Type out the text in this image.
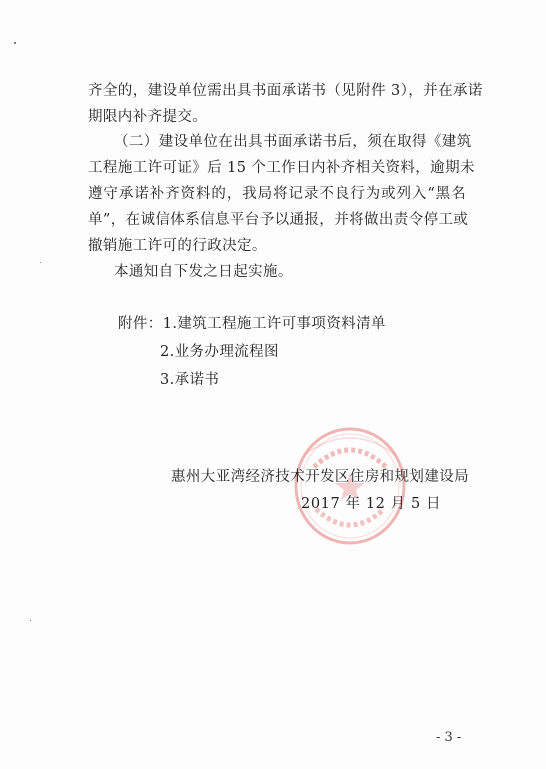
齐全的，建设单位需出具书面承诺书（见附件 3），并在承诺
期限内补齐提交。
（二）建设单位在出具书面承诺书后，须在取得《建筑
工程施工许可证》后 15 个工作日内补齐相关资料，逾期未
遵守承诺补齐资料的，我局将记录不良行为或列入“黑名
单”，在诚信体系信息平台予以通报，并将做出责令停工或
撤销施工许可的行政决定。
本通知自下发之日起实施。
附件：1.建筑工程施工许可事项资料清单
2.业务办理流程图
3.承诺书
惠州大亚湾经济技术开发区住房和规划建设局
2017 年 12 月 5 日
- 3 -
